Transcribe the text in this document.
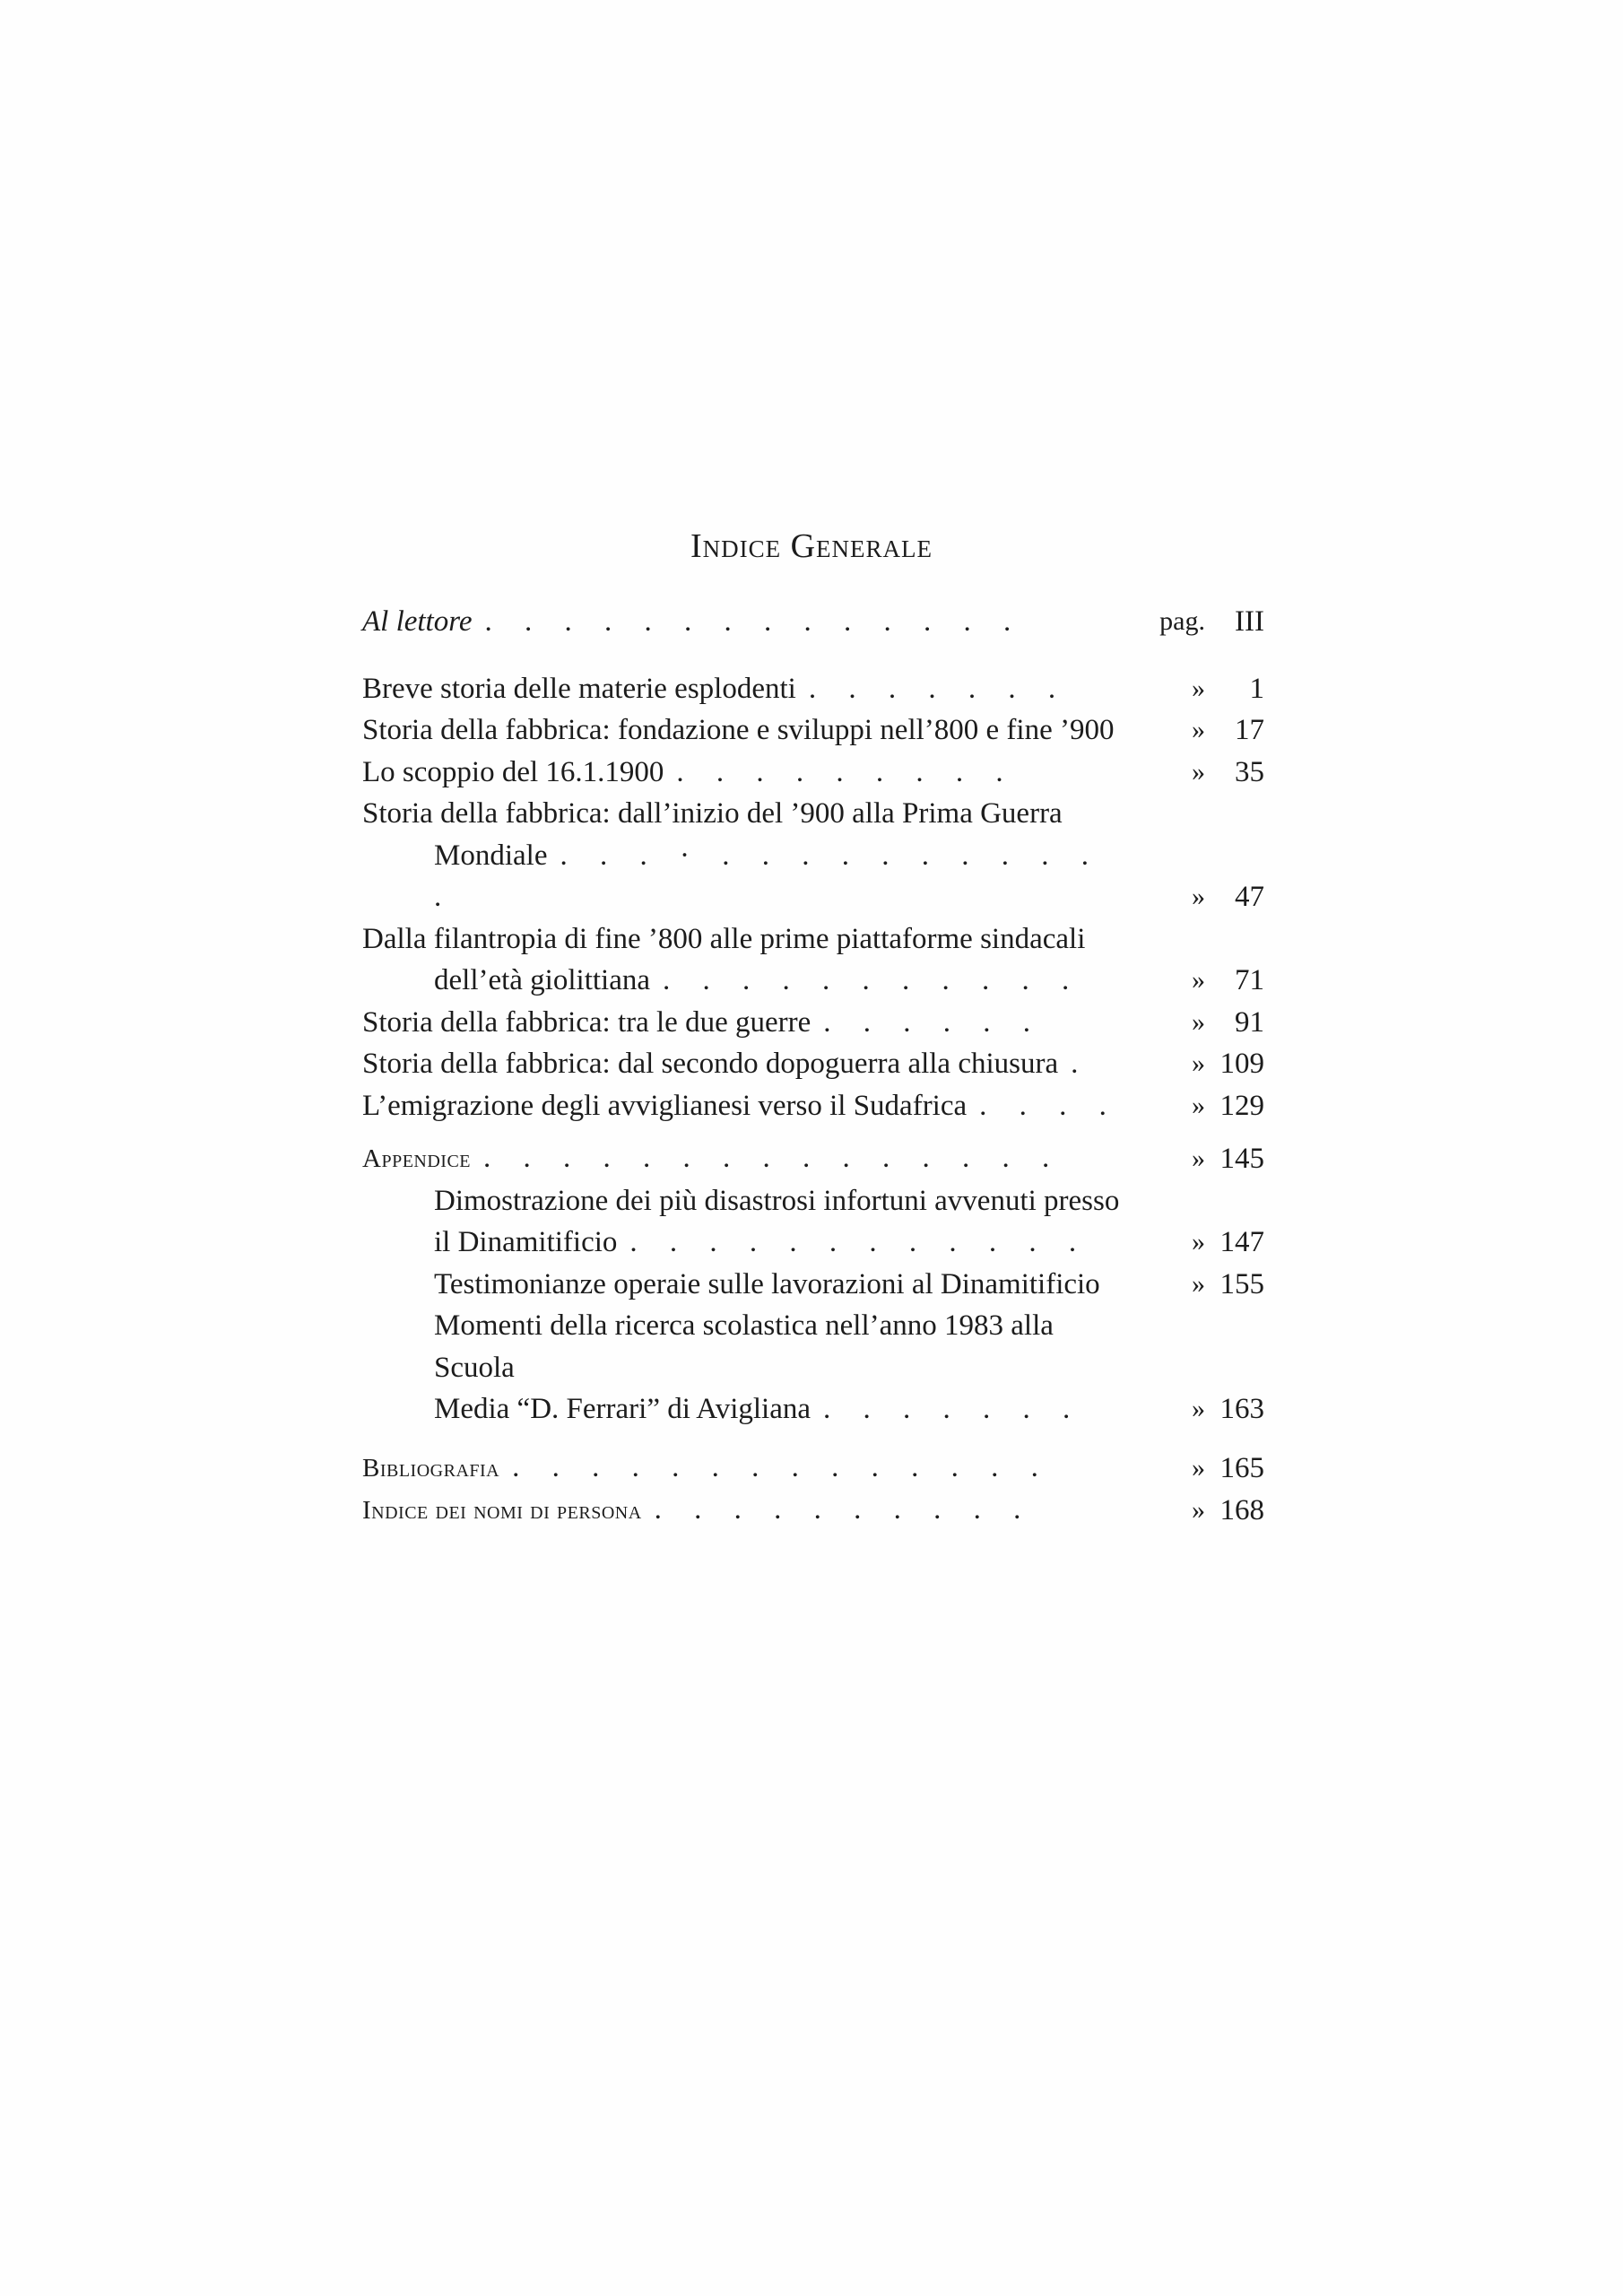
Indice Generale
Al lettore . . . . . . . . . . . . . .	pag.	III
Breve storia delle materie esplodenti . . . . . . .	»	1
Storia della fabbrica: fondazione e sviluppi nell’800 e fine ’900	»	17
Lo scoppio del 16.1.1900 . . . . . . . . .	»	35
Storia della fabbrica: dall’inizio del ’900 alla Prima Guerra
Mondiale . . . · . . . . . . . . . . .	»	47
Dalla filantropia di fine ’800 alle prime piattaforme sindacali
dell’età giolittiana . . . . . . . . . . .	»	71
Storia della fabbrica: tra le due guerre . . . . . .	»	91
Storia della fabbrica: dal secondo dopoguerra alla chiusura .	» 109
L’emigrazione degli avviglianesi verso il Sudafrica . . . .	» 129
Appendice . . . . . . . . . . . . . . .	» 145
Dimostrazione dei più disastrosi infortuni avvenuti presso
il Dinamitificio . . . . . . . . . . . .	» 147
Testimonianze operaie sulle lavorazioni al Dinamitificio	» 155
Momenti della ricerca scolastica nell’anno 1983 alla Scuola
Media “D. Ferrari” di Avigliana . . . . . . .	» 163
Bibliografia . . . . . . . . . . . . . .	» 165
Indice dei nomi di persona . . . . . . . . . .	» 168
